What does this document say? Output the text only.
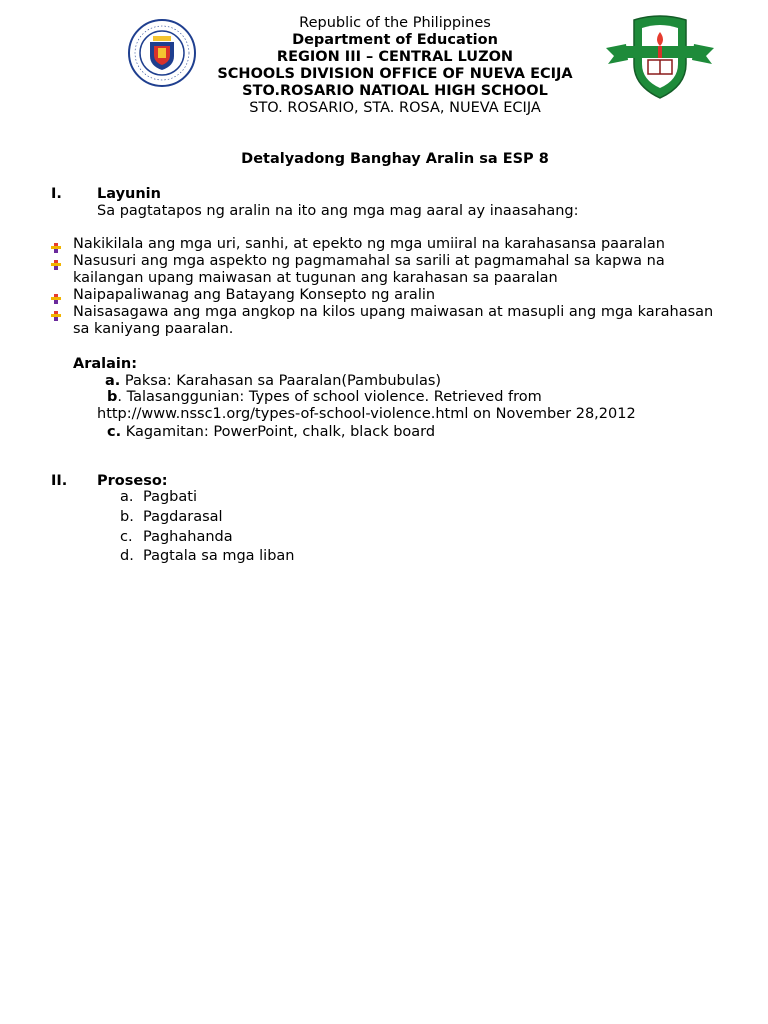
Republic of the Philippines
Department of Education
REGION III – CENTRAL LUZON
SCHOOLS DIVISION OFFICE OF NUEVA ECIJA
STO.ROSARIO NATIOAL HIGH SCHOOL
STO. ROSARIO, STA. ROSA, NUEVA ECIJA
Detalyadong Banghay Aralin sa ESP 8
I. Layunin
Sa pagtatapos ng aralin na ito ang mga mag aaral ay inaasahang:
Nakikilala ang mga uri, sanhi, at epekto ng mga umiiral na karahasansa paaralan
Nasusuri ang mga aspekto ng pagmamahal sa sarili at pagmamahal sa kapwa na
kailangan upang maiwasan at tugunan ang karahasan sa paaralan
Naipapaliwanag ang Batayang Konsepto ng aralin
Naisasagawa ang mga angkop na kilos upang maiwasan at masupli ang mga karahasan
sa kaniyang paaralan.
Aralain:
a. Paksa: Karahasan sa Paaralan(Pambubulas)
b. Talasanggunian: Types of school violence. Retrieved from
http://www.nssc1.org/types-of-school-violence.html on November 28,2012
c. Kagamitan: PowerPoint, chalk, black board
II. Proseso:
a. Pagbati
b. Pagdarasal
c. Paghahanda
d. Pagtala sa mga liban
